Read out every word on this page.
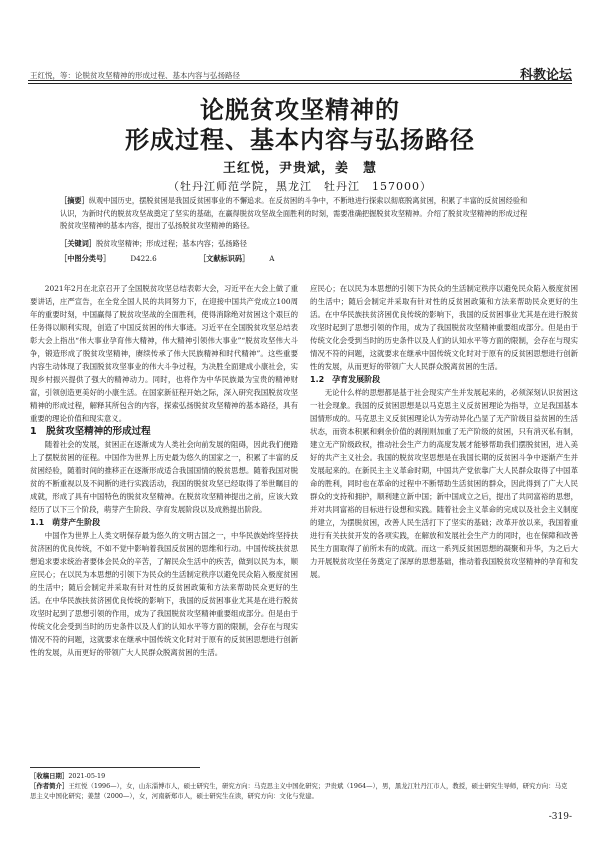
王红悦，等：论脱贫攻坚精神的形成过程、基本内容与弘扬路径	科教论坛
论脱贫攻坚精神的
形成过程、基本内容与弘扬路径
王红悦，尹贵斌，姜　慧
（牡丹江师范学院，黑龙江　牡丹江　157000）
［摘要］纵观中国历史，摆脱贫困是我国反贫困事业的不懈追求。在反贫困的斗争中，不断地进行探索以彻底脱离贫困，积累了丰富的反贫困经验和认识，为新时代的脱贫攻坚战奠定了坚实的基础，在赢得脱贫攻坚战全面胜利的时刻，需要准确把握脱贫攻坚精神。介绍了脱贫攻坚精神的形成过程脱贫攻坚精神的基本内容，提出了弘扬脱贫攻坚精神的路径。
［关键词］脱贫攻坚精神；形成过程；基本内容；弘扬路径
［中图分类号］	D422.6	［文献标识码］	A

2021年2月在北京召开了全国脱贫攻坚总结表彰大会，习近平在大会上做了重要讲话，庄严宣告，在全党全国人民的共同努力下，在迎接中国共产党成立100周年的重要时刻，中国赢得了脱贫攻坚战的全面胜利，使得消除绝对贫困这个艰巨的任务得以顺利实现，创造了中国反贫困的伟大事迹。习近平在全国脱贫攻坚总结表彰大会上指出“伟大事业孕育伟大精神，伟大精神引领伟大事业”“脱贫攻坚伟大斗争，锻造形成了脱贫攻坚精神，赓续传承了伟大民族精神和时代精神”。这些重要内容生动体现了我国脱贫攻坚事业的伟大斗争过程，为决胜全面建成小康社会，实现乡村振兴提供了强大的精神动力。同时，也将作为中华民族最为宝贵的精神财富，引领创造更美好的小康生活。在国家新征程开始之际，深入研究我国脱贫攻坚精神的形成过程，解释其所包含的内容，探索弘扬脱贫攻坚精神的基本路径，具有重要的理论价值和现实意义。

1　脱贫攻坚精神的形成过程

随着社会的发展，贫困正在逐渐成为人类社会向前发展的阻碍，因此我们便踏上了摆脱贫困的征程。中国作为世界上历史最为悠久的国家之一，积累了丰富的反贫困经验，随着时间的推移正在逐渐形成适合我国国情的脱贫思想。随着我国对脱贫的不断重视以及不间断的进行实践活动，我国的脱贫攻坚已经取得了举世瞩目的成就，形成了具有中国特色的脱贫攻坚精神。在脱贫攻坚精神提出之前，应该大致经历了以下三个阶段，萌芽产生阶段、孕育发展阶段以及成熟提出阶段。

1.1　萌芽产生阶段

中国作为世界上人类文明保存最为悠久的文明古国之一，中华民族始终坚持扶贫济困的优良传统，不如不觉中影响着我国反贫困的思维和行动。中国传统扶贫思想追求要求统治者要体会民众的辛苦，了解民众生活中的疾苦，做到以民为本，顺应民心；在以民为本思想的引领下为民众的生活制定秩序以避免民众陷入极度贫困的生活中；随后会制定并采取有针对性的反贫困政策和方法来帮助民众更好的生活。在中华民族扶贫济困优良传统的影响下，我国的反贫困事业尤其是在进行脱贫攻坚时起到了思想引领的作用，成为了我国脱贫攻坚精神重要组成部分。但是由于传统文化会受到当时的历史条件以及人们的认知水平等方面的限制，会存在与现实情况不符的问题，这就要求在继承中国传统文化时对于原有的反贫困思想进行创新性的发展，从而更好的带领广大人民群众脱离贫困的生活。

应民心；在以民为本思想的引领下为民众的生活制定秩序以避免民众陷入极度贫困的生活中；随后会制定并采取有针对性的反贫困政策和方法来帮助民众更好的生活。在中华民族扶贫济困优良传统的影响下，我国的反贫困事业尤其是在进行脱贫攻坚时起到了思想引领的作用，成为了我国脱贫攻坚精神重要组成部分。但是由于传统文化会受到当时的历史条件以及人们的认知水平等方面的限制，会存在与现实情况不符的问题，这就要求在继承中国传统文化时对于原有的反贫困思想进行创新性的发展，从而更好的带领广大人民群众脱离贫困的生活。

1.2　孕育发展阶段

无论什么样的思想都是基于社会现实产生并发展起来的，必须深刻认识贫困这一社会现象。我国的反贫困思想是以马克思主义反贫困理论为指导，立足我国基本国情形成的。马克思主义反贫困理论认为劳动异化凸显了无产阶级目益贫困的生活状态，而资本积累和剩余价值的剥削则加重了无产阶级的贫困，只有消灭私有制，建立无产阶级政权，推动社会生产力的高度发展才能够帮助我们摆脱贫困，进入美好的共产主义社会。我国的脱贫攻坚思想是在我国长期的反贫困斗争中逐渐产生并发展起来的。在新民主主义革命时期，中国共产党依靠广大人民群众取得了中国革命的胜利，同时也在革命的过程中不断帮助生活贫困的群众，因此得到了广大人民群众的支持和拥护，顺利建立新中国；新中国成立之后，提出了共同富裕的思想，并对共同富裕的目标进行设想和实践。随着社会主义革命的完成以及社会主义制度的建立，为摆脱贫困，改善人民生活打下了坚实的基础；改革开放以来，我国着重进行有关扶贫开发的各项实践，在解放和发展社会生产力的同时，也在保障和改善民生方面取得了前所未有的成就。而这一系列反贫困思想的凝聚和升华，为之后大力开展脱贫攻坚任务奠定了深厚的思想基础，推动着我国脱贫攻坚精神的孕育和发展。

［收稿日期］2021-05-19
［作者简介］王红悦（1996—），女，山东淄博市人，硕士研究生，研究方向：马克思主义中国化研究；尹贵斌（1964—），男，黑龙江牡丹江市人，教授，硕士研究生导师，研究方向：马克思主义中国化研究；姜慧（2000—），女，河南新郑市人，硕士研究生在读，研究方向：文化与党建。
-319-
